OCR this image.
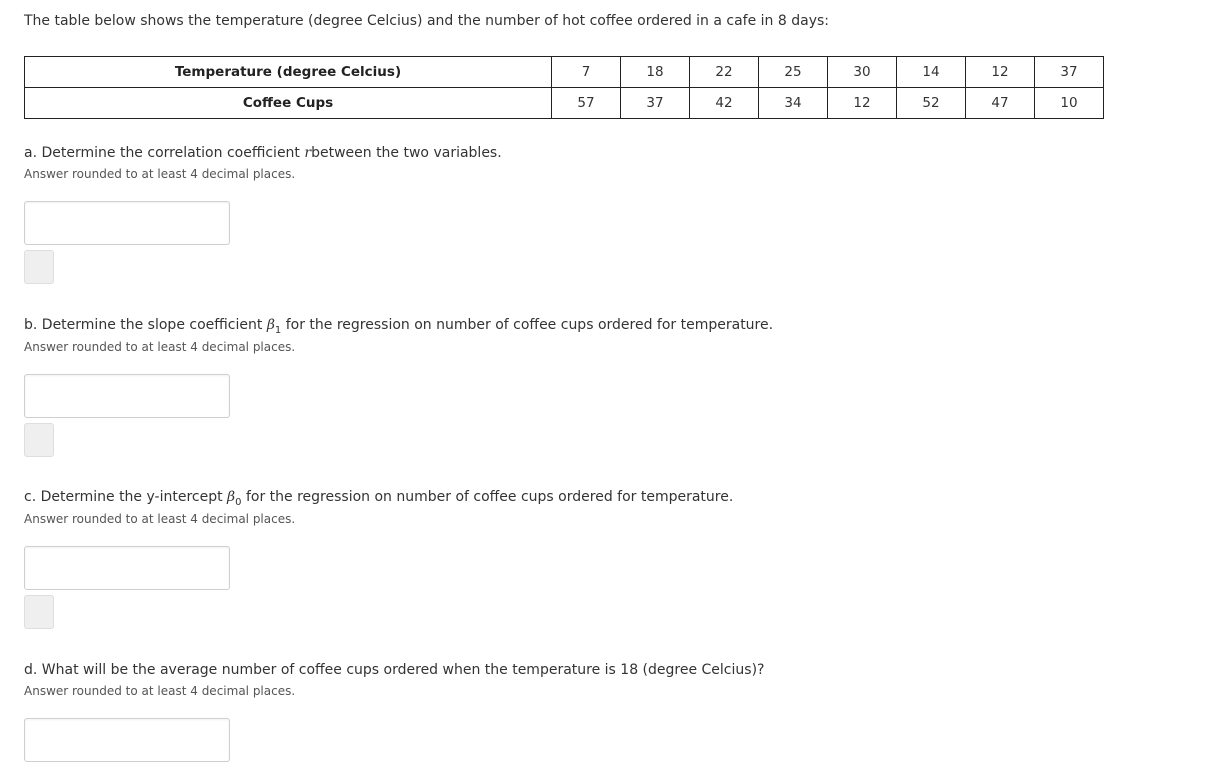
The table below shows the temperature (degree Celcius) and the number of hot coffee ordered in a cafe in 8 days:
Temperature (degree Celcius)	7	18	22	25	30	14	12	37
Coffee Cups	57	37	42	34	12	52	47	10
a. Determine the correlation coefficient rbetween the two variables.
Answer rounded to at least 4 decimal places.
b. Determine the slope coefficient $\beta_1$ for the regression on number of coffee cups ordered for temperature.
Answer rounded to at least 4 decimal places.
c. Determine the y-intercept $\beta_0$ for the regression on number of coffee cups ordered for temperature.
Answer rounded to at least 4 decimal places.
d. What will be the average number of coffee cups ordered when the temperature is 18 (degree Celcius)?
Answer rounded to at least 4 decimal places.
